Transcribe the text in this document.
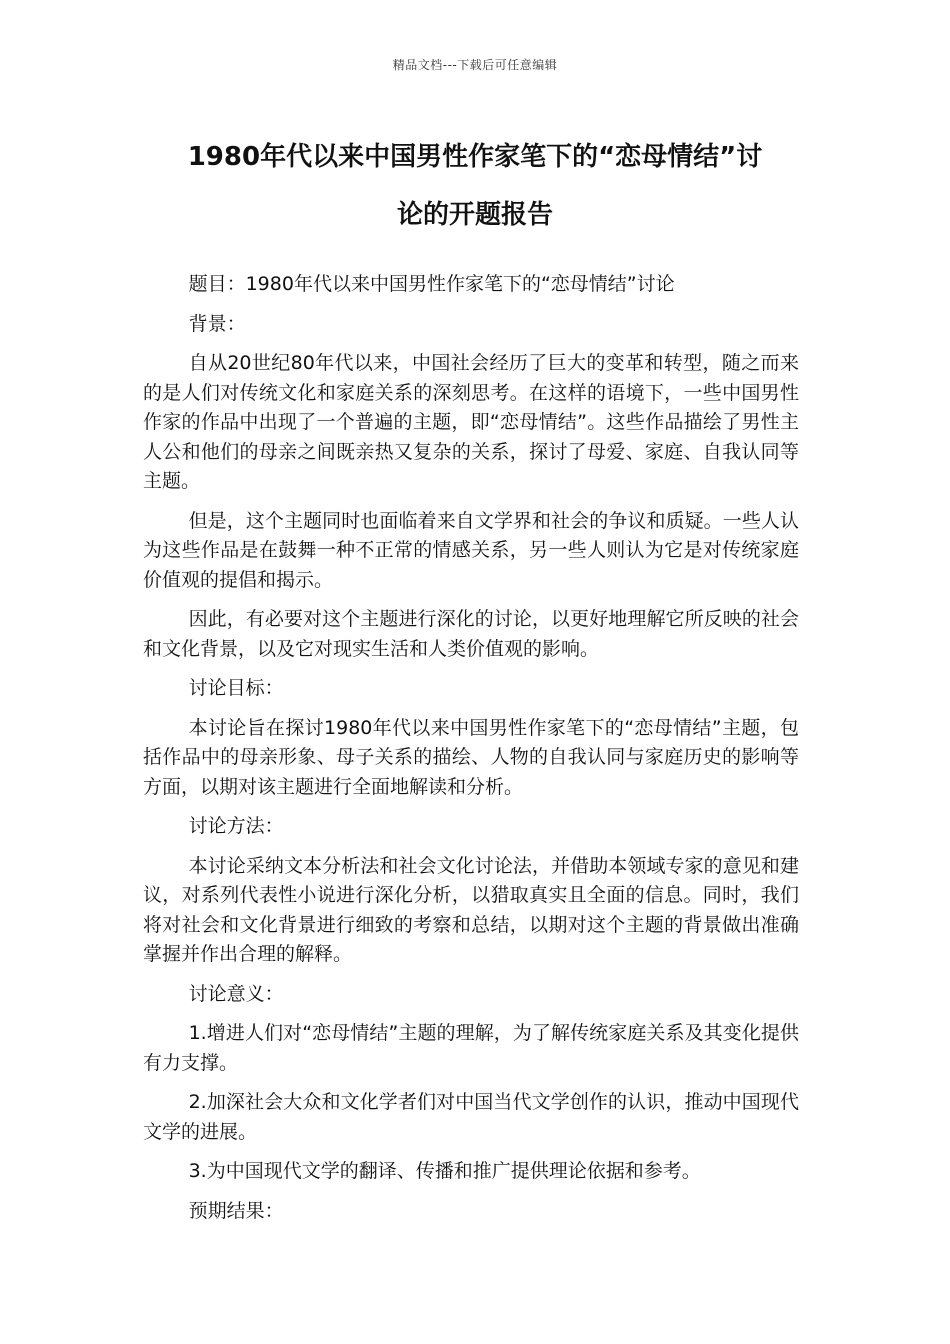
精品文档---下载后可任意编辑
1980年代以来中国男性作家笔下的“恋母情结”讨
论的开题报告

题目：1980年代以来中国男性作家笔下的“恋母情结”讨论

背景：

自从20世纪80年代以来，中国社会经历了巨大的变革和转型，随之而来的是人们对传统文化和家庭关系的深刻思考。在这样的语境下，一些中国男性作家的作品中出现了一个普遍的主题，即“恋母情结”。这些作品描绘了男性主人公和他们的母亲之间既亲热又复杂的关系，探讨了母爱、家庭、自我认同等主题。

但是，这个主题同时也面临着来自文学界和社会的争议和质疑。一些人认为这些作品是在鼓舞一种不正常的情感关系，另一些人则认为它是对传统家庭价值观的提倡和揭示。

因此，有必要对这个主题进行深化的讨论，以更好地理解它所反映的社会和文化背景，以及它对现实生活和人类价值观的影响。

讨论目标：

本讨论旨在探讨1980年代以来中国男性作家笔下的“恋母情结”主题，包括作品中的母亲形象、母子关系的描绘、人物的自我认同与家庭历史的影响等方面，以期对该主题进行全面地解读和分析。

讨论方法：

本讨论采纳文本分析法和社会文化讨论法，并借助本领域专家的意见和建议，对系列代表性小说进行深化分析，以猎取真实且全面的信息。同时，我们将对社会和文化背景进行细致的考察和总结，以期对这个主题的背景做出准确掌握并作出合理的解释。

讨论意义：

1.增进人们对“恋母情结”主题的理解，为了解传统家庭关系及其变化提供有力支撑。

2.加深社会大众和文化学者们对中国当代文学创作的认识，推动中国现代文学的进展。

3.为中国现代文学的翻译、传播和推广提供理论依据和参考。

预期结果：
